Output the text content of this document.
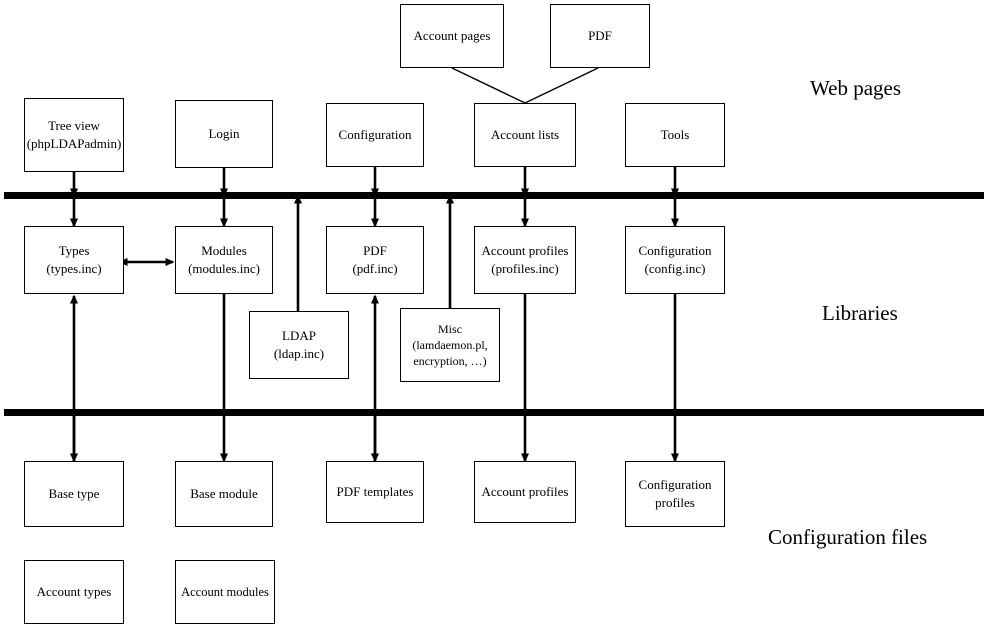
Account pages	PDF
Tree view
(phpLDAPadmin)
Login	Configuration	Account lists	Tools
Types
(types.inc)
Modules
(modules.inc)
PDF
(pdf.inc)
Account profiles
(profiles.inc)
Configuration
(config.inc)
LDAP
(ldap.inc)
Misc
(lamdaemon.pl, encryption, …)
Base type	Base module	PDF templates	Account profiles	Configuration
profiles
Account types	Account modules
Web pages
Libraries
Configuration files
